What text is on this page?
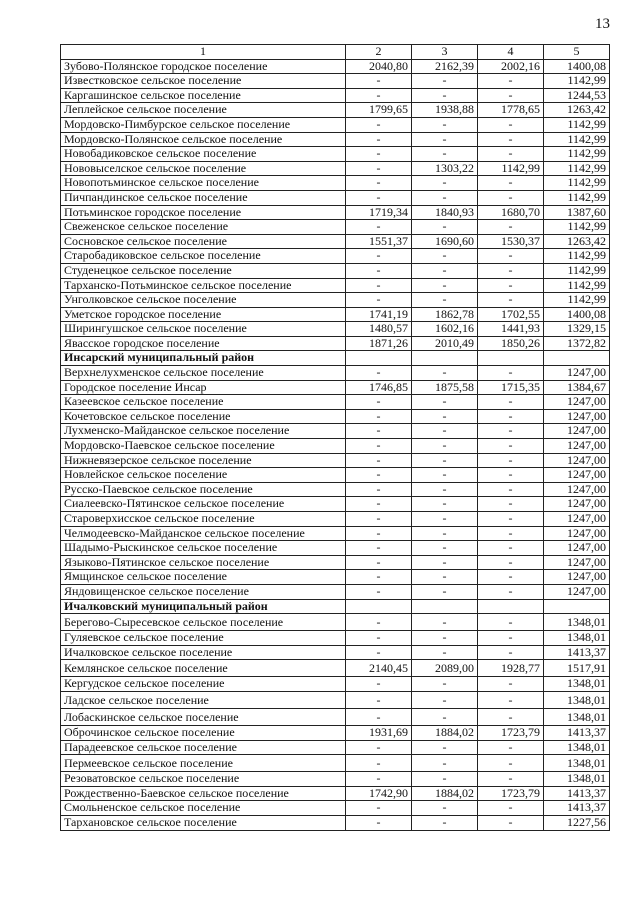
13
1	2	3	4	5
Зубово-Полянское городское поселение	2040,80	2162,39	2002,16	1400,08
Известковское сельское поселение	-	-	-	1142,99
Каргашинское сельское поселение	-	-	-	1244,53
Леплейское сельское поселение	1799,65	1938,88	1778,65	1263,42
Мордовско-Пимбурское сельское поселение	-	-	-	1142,99
Мордовско-Полянское сельское поселение	-	-	-	1142,99
Новобадиковское сельское поселение	-	-	-	1142,99
Нововыселское сельское поселение	-	1303,22	1142,99	1142,99
Новопотьминское сельское поселение	-	-	-	1142,99
Пичпандинское сельское поселение	-	-	-	1142,99
Потьминское городское поселение	1719,34	1840,93	1680,70	1387,60
Свеженское сельское поселение	-	-	-	1142,99
Сосновское сельское поселение	1551,37	1690,60	1530,37	1263,42
Старобадиковское сельское поселение	-	-	-	1142,99
Студенецкое сельское поселение	-	-	-	1142,99
Тарханско-Потьминское сельское поселение	-	-	-	1142,99
Унголковское сельское поселение	-	-	-	1142,99
Уметское городское поселение	1741,19	1862,78	1702,55	1400,08
Ширингушское сельское поселение	1480,57	1602,16	1441,93	1329,15
Явасское городское поселение	1871,26	2010,49	1850,26	1372,82
Инсарский муниципальный район				
Верхнелухменское сельское поселение	-	-	-	1247,00
Городское поселение Инсар	1746,85	1875,58	1715,35	1384,67
Казеевское сельское поселение	-	-	-	1247,00
Кочетовское сельское поселение	-	-	-	1247,00
Лухменско-Майданское сельское поселение	-	-	-	1247,00
Мордовско-Паевское сельское поселение	-	-	-	1247,00
Нижневязерское сельское поселение	-	-	-	1247,00
Новлейское сельское поселение	-	-	-	1247,00
Русско-Паевское сельское поселение	-	-	-	1247,00
Сиалеевско-Пятинское сельское поселение	-	-	-	1247,00
Староверхисское сельское поселение	-	-	-	1247,00
Челмодеевско-Майданское сельское поселение	-	-	-	1247,00
Шадымо-Рыскинское сельское поселение	-	-	-	1247,00
Языково-Пятинское сельское поселение	-	-	-	1247,00
Ямщинское сельское поселение	-	-	-	1247,00
Яндовищенское сельское поселение	-	-	-	1247,00
Ичалковский муниципальный район				
Берегово-Сыресевское сельское поселение	-	-	-	1348,01
Гуляевское сельское поселение	-	-	-	1348,01
Ичалковское сельское поселение	-	-	-	1413,37
Кемлянское сельское поселение	2140,45	2089,00	1928,77	1517,91
Кергудское сельское поселение	-	-	-	1348,01
Ладское сельское поселение	-	-	-	1348,01
Лобаскинское сельское поселение	-	-	-	1348,01
Оброчинское сельское поселение	1931,69	1884,02	1723,79	1413,37
Парадеевское сельское поселение	-	-	-	1348,01
Пермеевское сельское поселение	-	-	-	1348,01
Резоватовское сельское поселение	-	-	-	1348,01
Рождественно-Баевское сельское поселение	1742,90	1884,02	1723,79	1413,37
Смольненское сельское поселение	-	-	-	1413,37
Тархановское сельское поселение	-	-	-	1227,56
